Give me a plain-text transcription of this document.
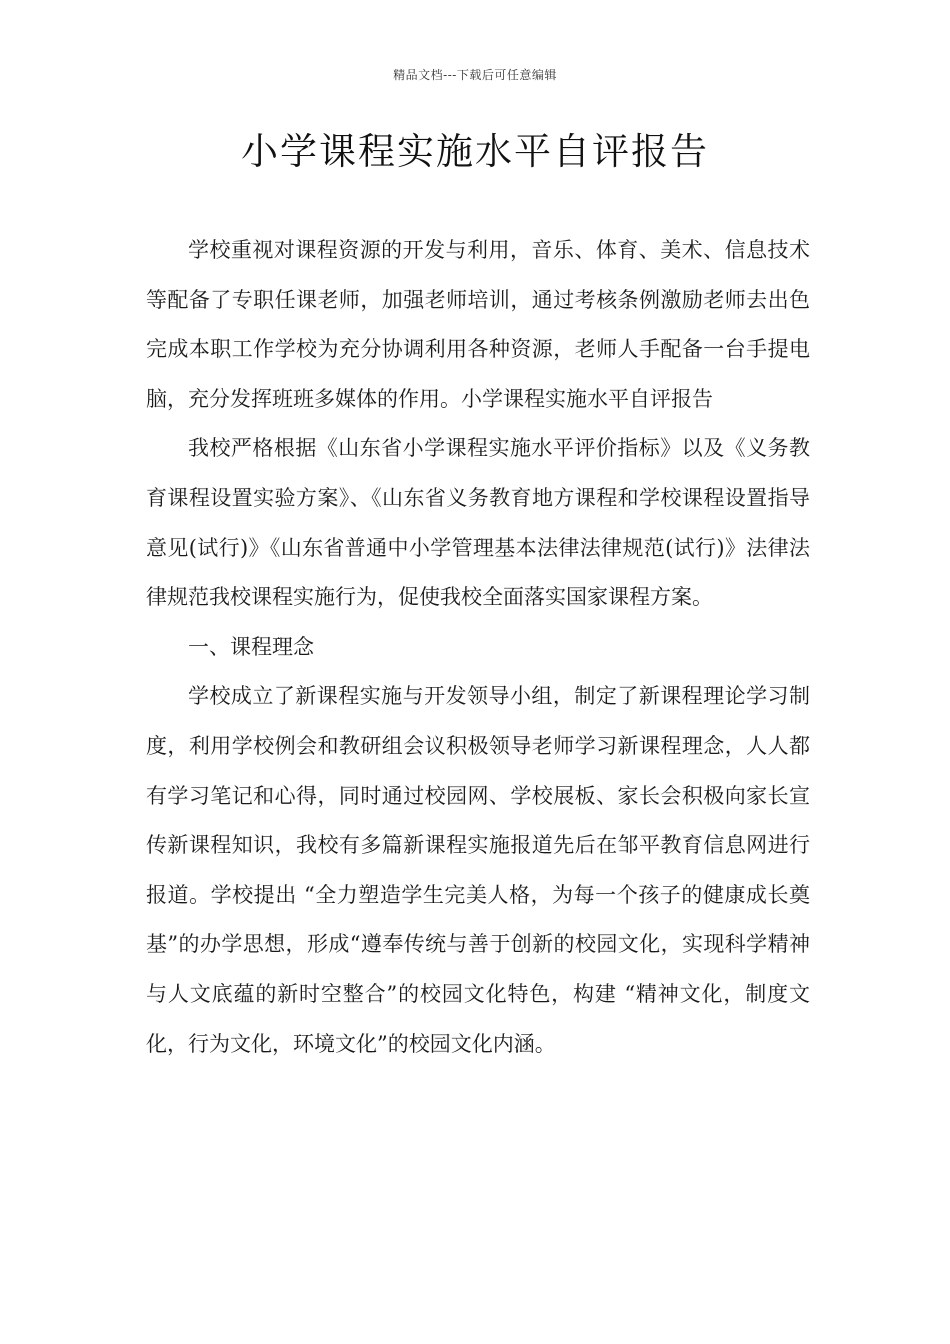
精品文档---下载后可任意编辑
小学课程实施水平自评报告

学校重视对课程资源的开发与利用，音乐、体育、美术、信息技术等配备了专职任课老师，加强老师培训，通过考核条例激励老师去出色完成本职工作学校为充分协调利用各种资源，老师人手配备一台手提电脑，充分发挥班班多媒体的作用。小学课程实施水平自评报告

我校严格根据《山东省小学课程实施水平评价指标》以及《义务教育课程设置实验方案》、《山东省义务教育地方课程和学校课程设置指导意见(试行)》《山东省普通中小学管理基本法律法律规范(试行)》法律法律规范我校课程实施行为，促使我校全面落实国家课程方案。

一、课程理念

学校成立了新课程实施与开发领导小组，制定了新课程理论学习制度，利用学校例会和教研组会议积极领导老师学习新课程理念，人人都有学习笔记和心得，同时通过校园网、学校展板、家长会积极向家长宣传新课程知识，我校有多篇新课程实施报道先后在邹平教育信息网进行报道。学校提出 “全力塑造学生完美人格，为每一个孩子的健康成长奠基”的办学思想，形成“遵奉传统与善于创新的校园文化，实现科学精神与人文底蕴的新时空整合”的校园文化特色，构建 “精神文化，制度文化，行为文化，环境文化”的校园文化内涵。
